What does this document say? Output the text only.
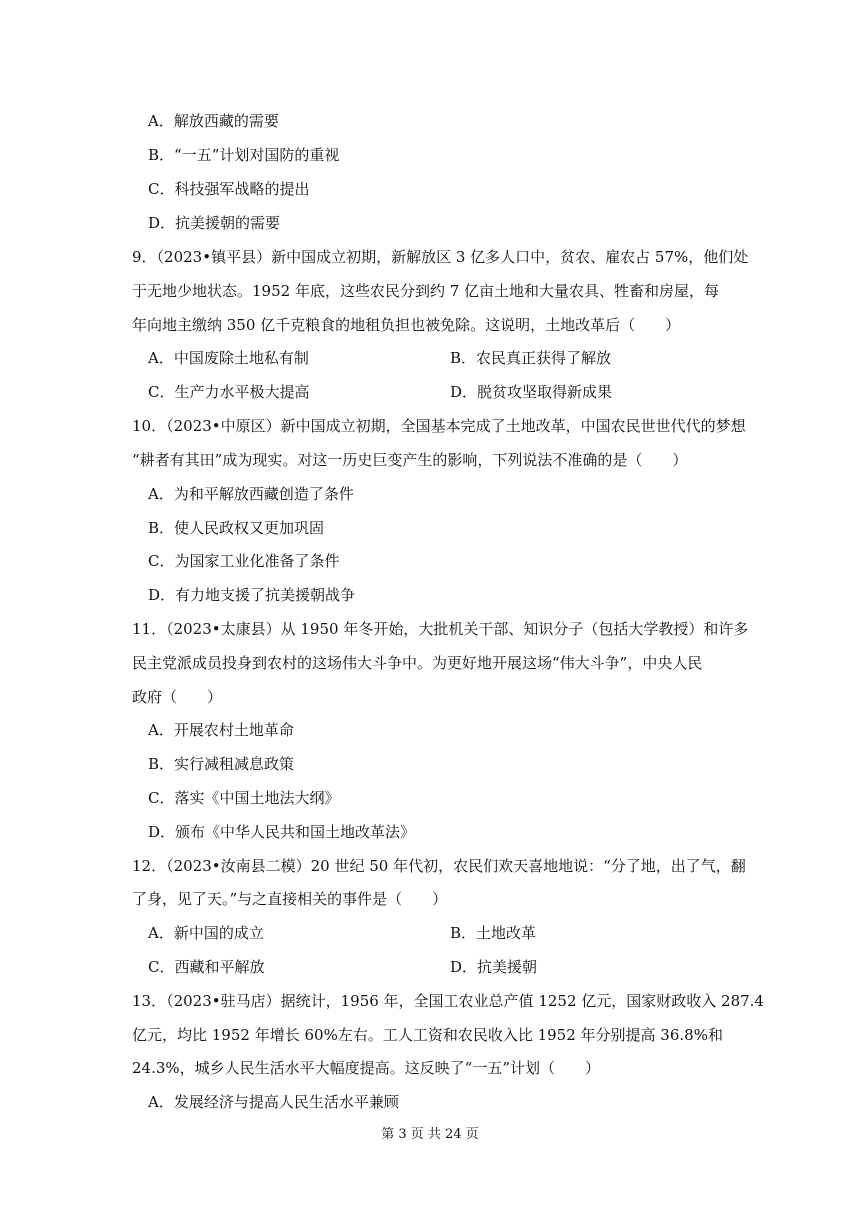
A．解放西藏的需要
B．“一五”计划对国防的重视
C．科技强军战略的提出
D．抗美援朝的需要
9．（2023•镇平县）新中国成立初期，新解放区 3 亿多人口中，贫农、雇农占 57%，他们处
于无地少地状态。1952 年底，这些农民分到约 7 亿亩土地和大量农具、牲畜和房屋，每
年向地主缴纳 350 亿千克粮食的地租负担也被免除。这说明，土地改革后（　　）
A．中国废除土地私有制	B．农民真正获得了解放
C．生产力水平极大提高	D．脱贫攻坚取得新成果
10．（2023•中原区）新中国成立初期，全国基本完成了土地改革，中国农民世世代代的梦想
“耕者有其田”成为现实。对这一历史巨变产生的影响，下列说法不准确的是（　　）
A．为和平解放西藏创造了条件
B．使人民政权又更加巩固
C．为国家工业化准备了条件
D．有力地支援了抗美援朝战争
11．（2023•太康县）从 1950 年冬开始，大批机关干部、知识分子（包括大学教授）和许多
民主党派成员投身到农村的这场伟大斗争中。为更好地开展这场“伟大斗争”，中央人民
政府（　　）
A．开展农村土地革命
B．实行减租减息政策
C．落实《中国土地法大纲》
D．颁布《中华人民共和国土地改革法》
12．（2023•汝南县二模）20 世纪 50 年代初，农民们欢天喜地地说：“分了地，出了气，翻
了身，见了天。”与之直接相关的事件是（　　）
A．新中国的成立	B．土地改革
C．西藏和平解放	D．抗美援朝
13．（2023•驻马店）据统计，1956 年，全国工农业总产值 1252 亿元，国家财政收入 287.4
亿元，均比 1952 年增长 60%左右。工人工资和农民收入比 1952 年分别提高 36.8%和
24.3%，城乡人民生活水平大幅度提高。这反映了“一五”计划（　　）
A．发展经济与提高人民生活水平兼顾
第 3 页 共 24 页
